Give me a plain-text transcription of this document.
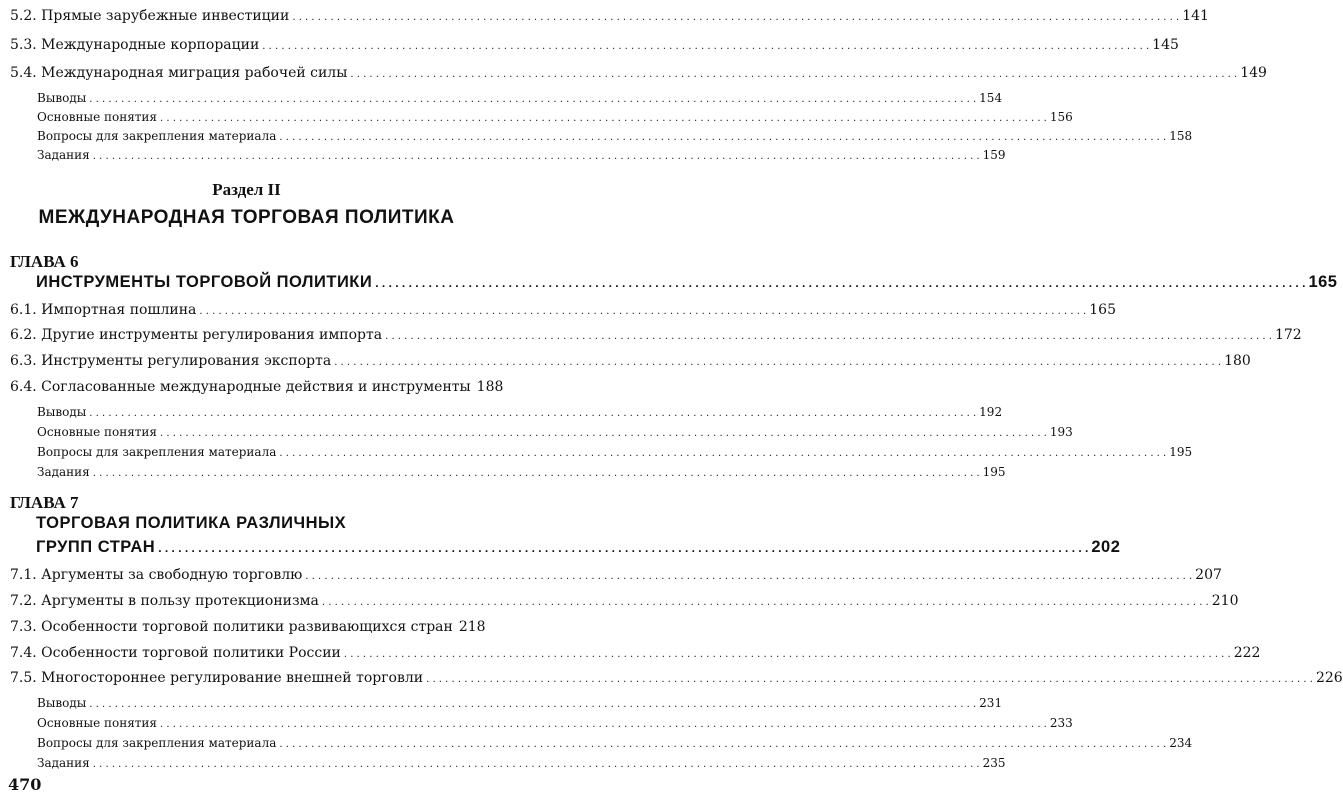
5.2. Прямые зарубежные инвестиции . . .	141
5.3. Международные корпорации . . .	145
5.4. Международная миграция рабочей силы . . .	149
Выводы . . .	154
Основные понятия . . .	156
Вопросы для закрепления материала . . .	158
Задания . . .	159
Раздел II
МЕЖДУНАРОДНАЯ ТОРГОВАЯ ПОЛИТИКА
ГЛАВА 6
ИНСТРУМЕНТЫ ТОРГОВОЙ ПОЛИТИКИ . . .	165
6.1. Импортная пошлина . . .	165
6.2. Другие инструменты регулирования импорта . . .	172
6.3. Инструменты регулирования экспорта . . .	180
6.4. Согласованные международные действия и инструменты 188
Выводы . . .	192
Основные понятия . . .	193
Вопросы для закрепления материала . . .	195
Задания . . .	195
ГЛАВА 7
ТОРГОВАЯ ПОЛИТИКА РАЗЛИЧНЫХ
ГРУПП СТРАН . . .	202
7.1. Аргументы за свободную торговлю . . .	207
7.2. Аргументы в пользу протекционизма . . .	210
7.3. Особенности торговой политики развивающихся стран 218
7.4. Особенности торговой политики России . . .	222
7.5. Многостороннее регулирование внешней торговли . . .	226
Выводы . . .	231
Основные понятия . . .	233
Вопросы для закрепления материала . . .	234
Задания . . .	235
470
